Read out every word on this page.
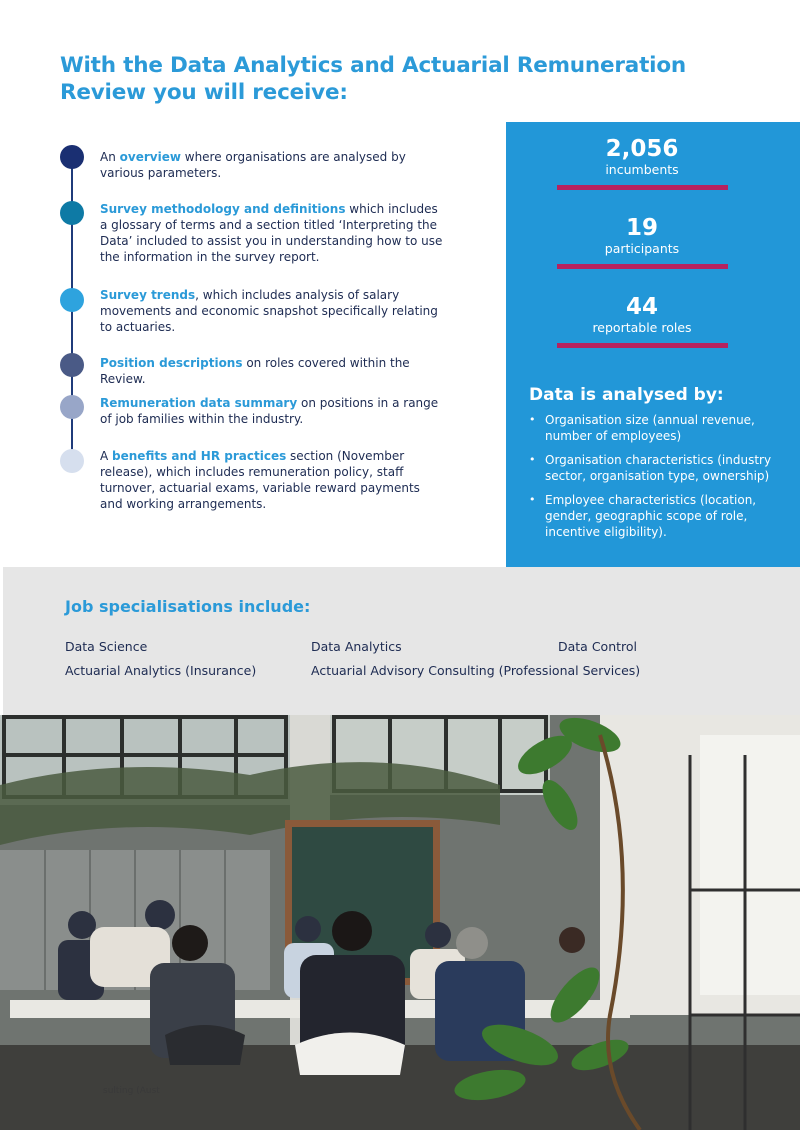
With the Data Analytics and Actuarial Remuneration Review you will receive:
An overview where organisations are analysed by various parameters.
Survey methodology and definitions which includes a glossary of terms and a section titled ‘Interpreting the Data’ included to assist you in understanding how to use the information in the survey report.
Survey trends, which includes analysis of salary movements and economic snapshot specifically relating to actuaries.
Position descriptions on roles covered within the Review.
Remuneration data summary on positions in a range of job families within the industry.
A benefits and HR practices section (November release), which includes remuneration policy, staff turnover, actuarial exams, variable reward payments and working arrangements.
2,056
incumbents
19
participants
44
reportable roles
Data is analysed by:
• Organisation size (annual revenue, number of employees)
• Organisation characteristics (industry sector, organisation type, ownership)
• Employee characteristics (location, gender, geographic scope of role, incentive eligibility).
Job specialisations include:
Data Science	Data Analytics	Data Control
Actuarial Analytics (Insurance)	Actuarial Advisory Consulting (Professional Services)
sulting (Aust
